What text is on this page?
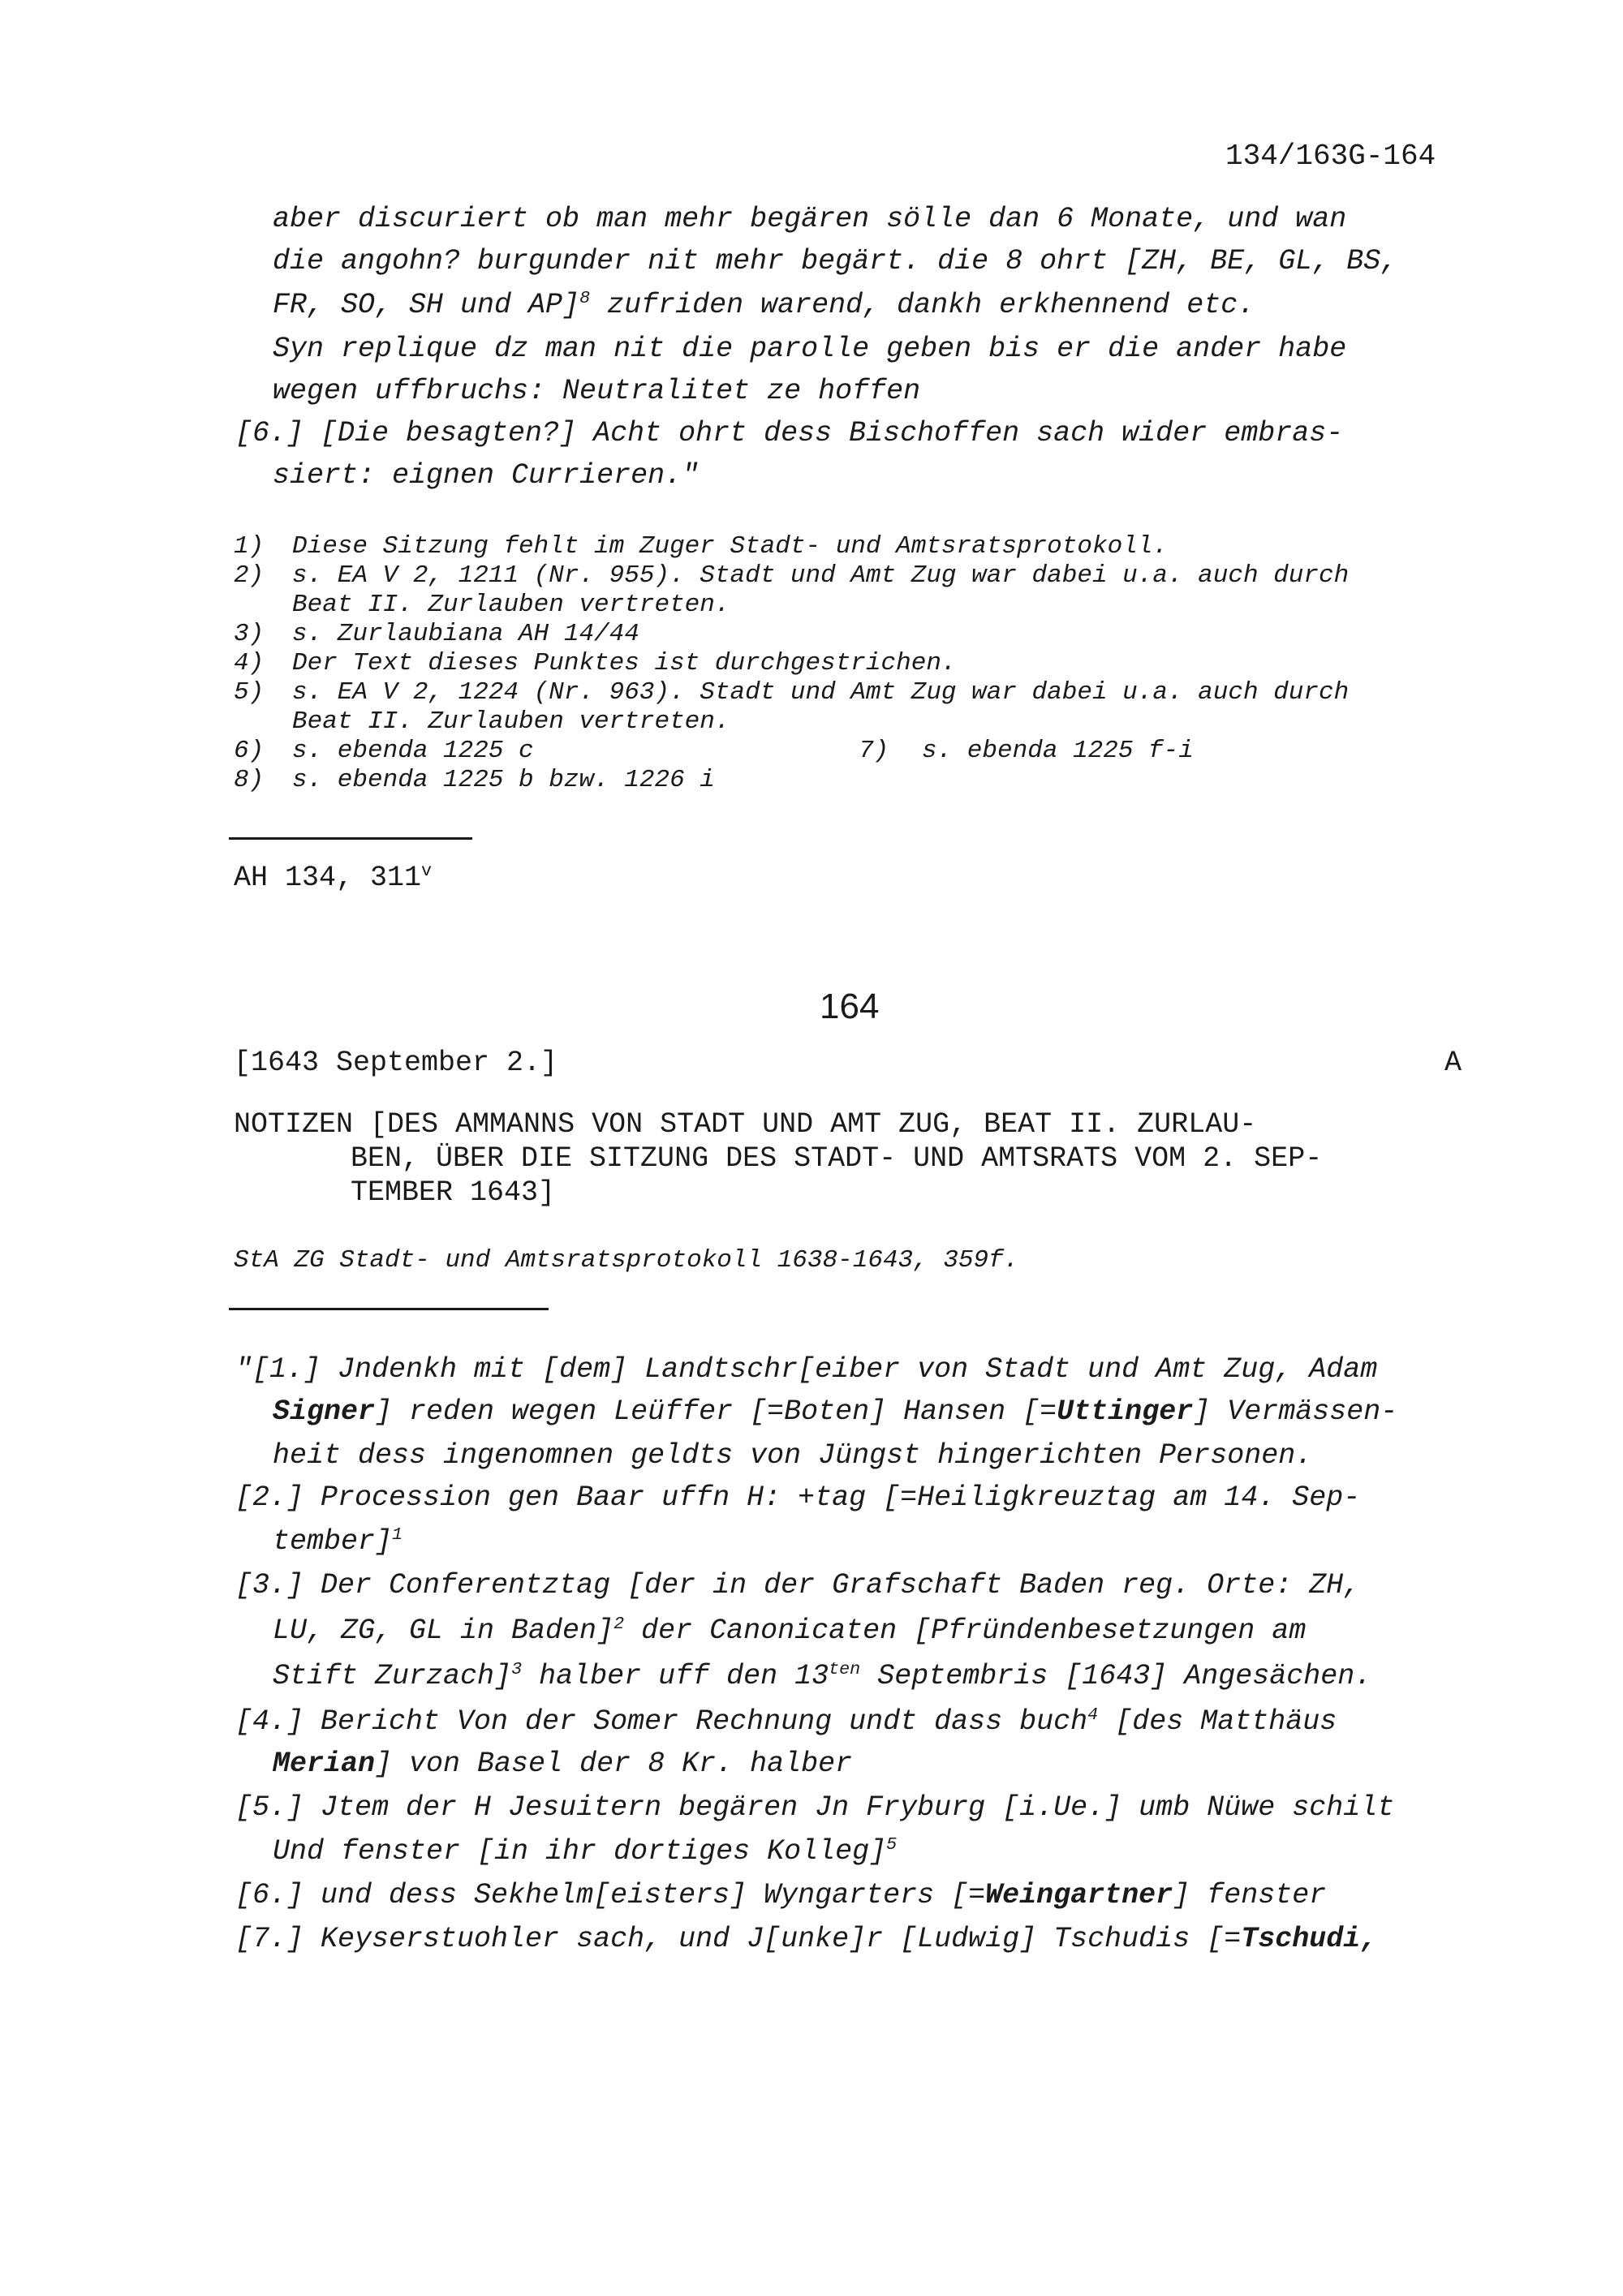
134/163G-164
aber discuriert ob man mehr begären sölle dan 6 Monate, und wan
die angohn? burgunder nit mehr begärt. die 8 ohrt [ZH, BE, GL, BS,
FR, SO, SH und AP]$^8$ zufriden warend, dankh erkhennend etc.
Syn replique dz man nit die parolle geben bis er die ander habe
wegen uffbruchs: Neutralitet ze hoffen
[6.] [Die besagten?] Acht ohrt dess Bischoffen sach wider embras-
siert: eignen Currieren."
1) Diese Sitzung fehlt im Zuger Stadt- und Amtsratsprotokoll.
2) s. EA V 2, 1211 (Nr. 955). Stadt und Amt Zug war dabei u.a. auch durch
Beat II. Zurlauben vertreten.
3) s. Zurlaubiana AH 14/44
4) Der Text dieses Punktes ist durchgestrichen.
5) s. EA V 2, 1224 (Nr. 963). Stadt und Amt Zug war dabei u.a. auch durch
Beat II. Zurlauben vertreten.
6) s. ebenda 1225 c	7) s. ebenda 1225 f-i
8) s. ebenda 1225 b bzw. 1226 i
AH 134, 311$^v$
164
[1643 September 2.]	A
NOTIZEN [DES AMMANNS VON STADT UND AMT ZUG, BEAT II. ZURLAU-
BEN, ÜBER DIE SITZUNG DES STADT- UND AMTSRATS VOM 2. SEP-
TEMBER 1643]
StA ZG Stadt- und Amtsratsprotokoll 1638-1643, 359f.
"[1.] Jndenkh mit [dem] Landtschr[eiber von Stadt und Amt Zug, Adam
Signer] reden wegen Leüffer [=Boten] Hansen [=Uttinger] Vermässen-
heit dess ingenomnen geldts von Jüngst hingerichten Personen.
[2.] Procession gen Baar uffn H: +tag [=Heiligkreuztag am 14. Sep-
tember]$^1$
[3.] Der Conferentztag [der in der Grafschaft Baden reg. Orte: ZH,
LU, ZG, GL in Baden]$^2$ der Canonicaten [Pfründenbesetzungen am
Stift Zurzach]$^3$ halber uff den $13^{ten}$ Septembris [1643] Angesächen.
[4.] Bericht Von der Somer Rechnung undt dass buch$^4$ [des Matthäus
Merian] von Basel der 8 Kr. halber
[5.] Jtem der H Jesuitern begären Jn Fryburg [i.Ue.] umb Nüwe schilt
Und fenster [in ihr dortiges Kolleg]$^5$
[6.] und dess Sekhelm[eisters] Wyngarters [=Weingartner] fenster
[7.] Keyserstuohler sach, und J[unke]r [Ludwig] Tschudis [=Tschudi,
